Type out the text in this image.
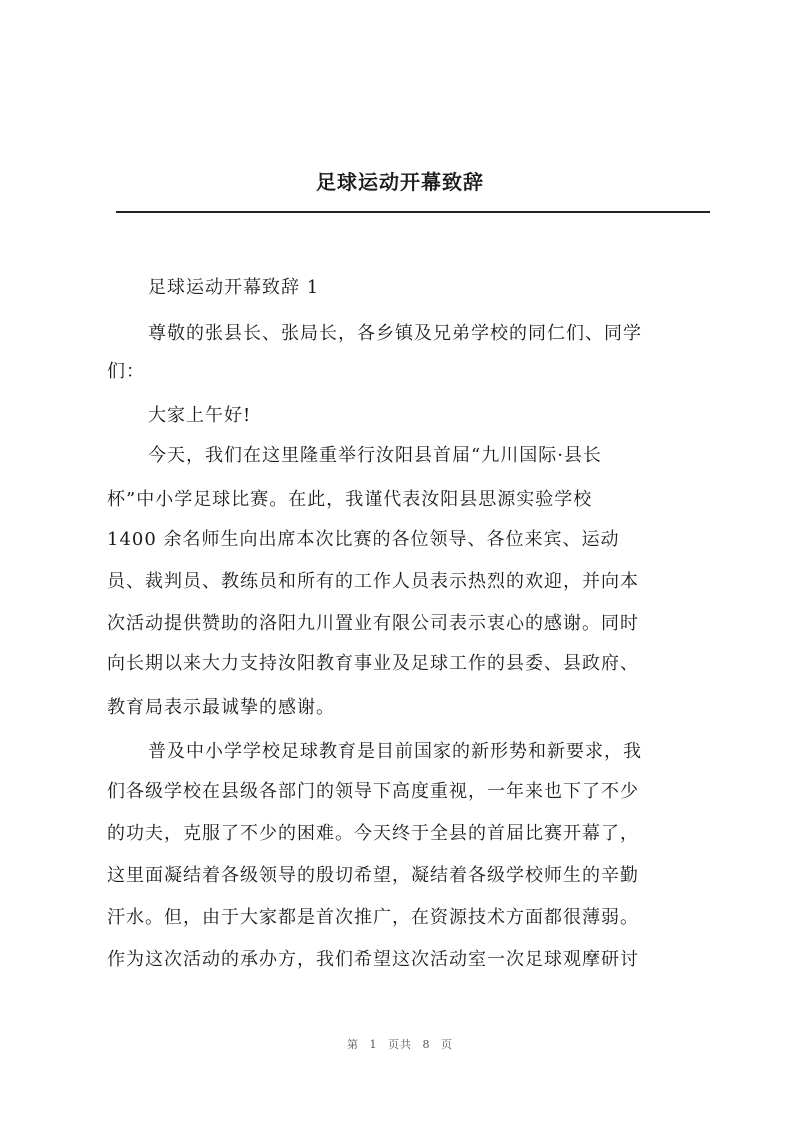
足球运动开幕致辞
足球运动开幕致辞 1
尊敬的张县长、张局长，各乡镇及兄弟学校的同仁们、同学
们：
大家上午好!
今天，我们在这里隆重举行汝阳县首届“九川国际·县长
杯”中小学足球比赛。在此，我谨代表汝阳县思源实验学校
1400 余名师生向出席本次比赛的各位领导、各位来宾、运动
员、裁判员、教练员和所有的工作人员表示热烈的欢迎，并向本
次活动提供赞助的洛阳九川置业有限公司表示衷心的感谢。同时
向长期以来大力支持汝阳教育事业及足球工作的县委、县政府、
教育局表示最诚挚的感谢。
普及中小学学校足球教育是目前国家的新形势和新要求，我
们各级学校在县级各部门的领导下高度重视，一年来也下了不少
的功夫，克服了不少的困难。今天终于全县的首届比赛开幕了，
这里面凝结着各级领导的殷切希望，凝结着各级学校师生的辛勤
汗水。但，由于大家都是首次推广，在资源技术方面都很薄弱。
作为这次活动的承办方，我们希望这次活动室一次足球观摩研讨
第 1 页共 8 页
